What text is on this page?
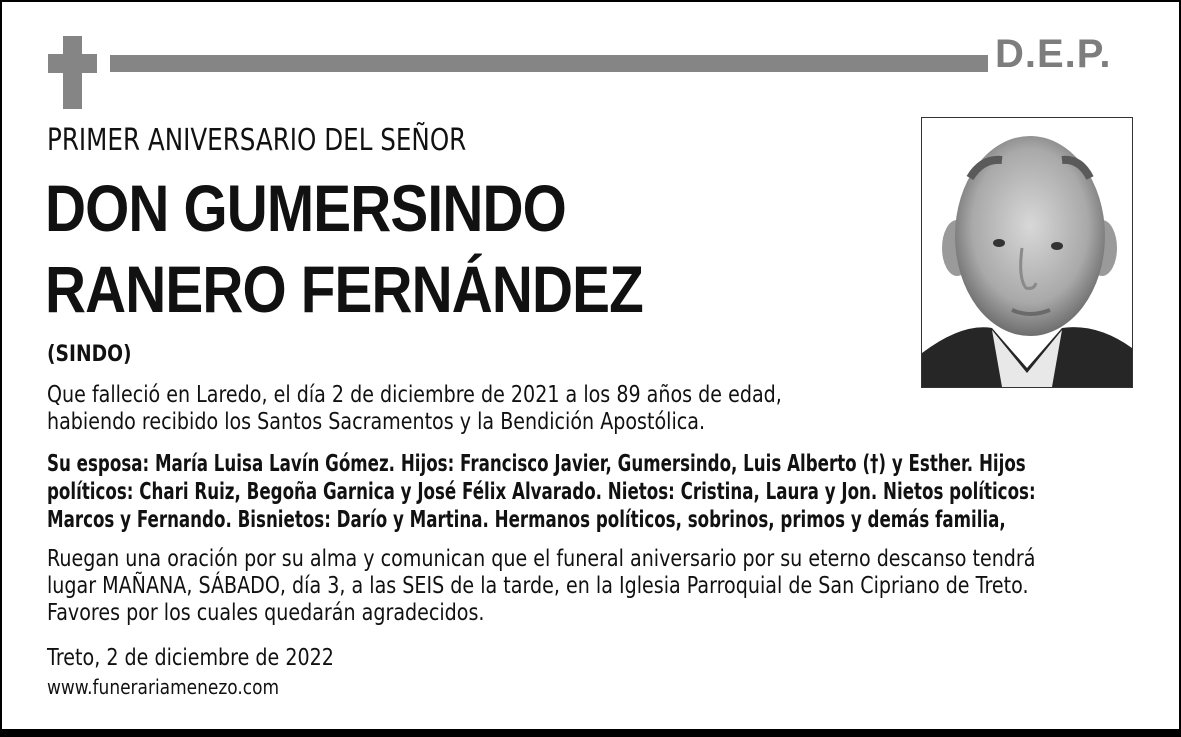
D.E.P.
PRIMER ANIVERSARIO DEL SEÑOR
DON GUMERSINDO
RANERO FERNÁNDEZ
(SINDO)
Que falleció en Laredo, el día 2 de diciembre de 2021 a los 89 años de edad,
habiendo recibido los Santos Sacramentos y la Bendición Apostólica.
Su esposa: María Luisa Lavín Gómez. Hijos: Francisco Javier, Gumersindo, Luis Alberto (†) y Esther. Hijos
políticos: Chari Ruiz, Begoña Garnica y José Félix Alvarado. Nietos: Cristina, Laura y Jon. Nietos políticos:
Marcos y Fernando. Bisnietos: Darío y Martina. Hermanos políticos, sobrinos, primos y demás familia,
Ruegan una oración por su alma y comunican que el funeral aniversario por su eterno descanso tendrá
lugar MAÑANA, SÁBADO, día 3, a las SEIS de la tarde, en la Iglesia Parroquial de San Cipriano de Treto.
Favores por los cuales quedarán agradecidos.
Treto, 2 de diciembre de 2022
www.funerariamenezo.com
